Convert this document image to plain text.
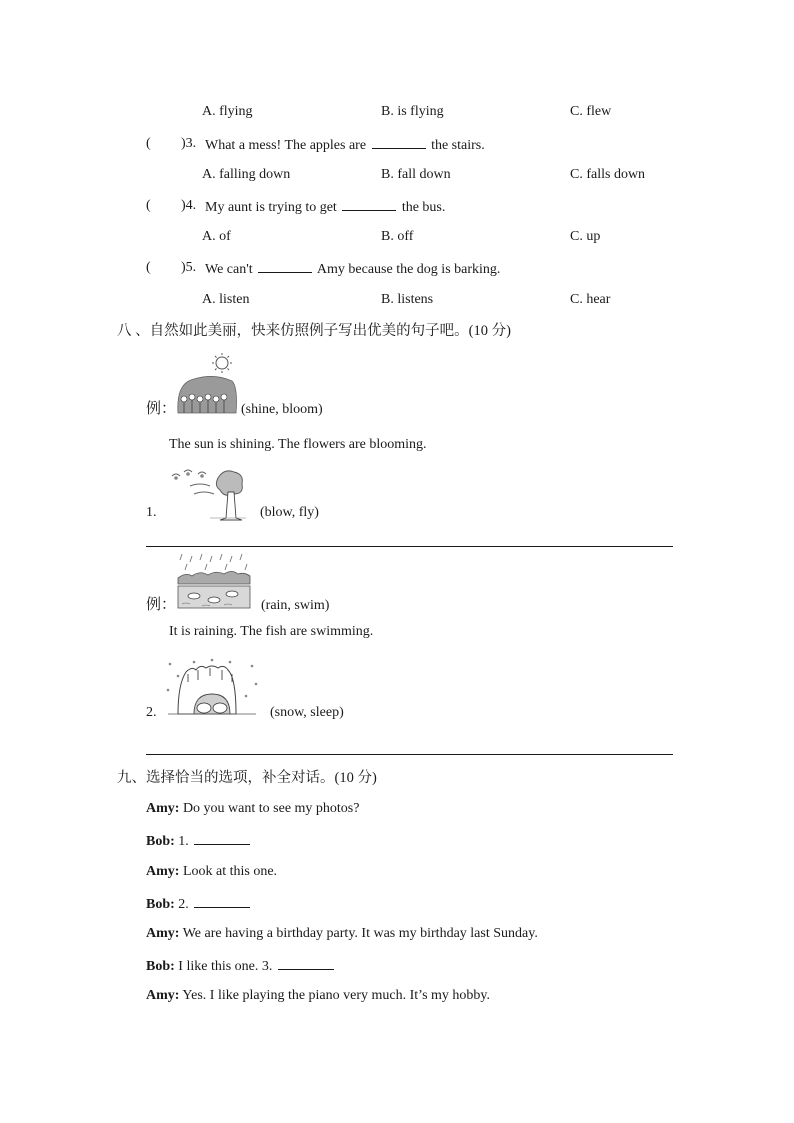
A. flying	B. is flying	C. flew
( )3. What a mess! The apples are	the stairs.
A. falling down	B. fall down	C. falls down
( )4. My aunt is trying to get	the bus.
A. of	B. off	C. up
( )5. We can't	Amy because the dog is barking.
A. listen	B. listens	C. hear
八 、自然如此美丽，快来仿照例子写出优美的句子吧。(10 分)
例：	(shine, bloom)
The sun is shining. The flowers are blooming.
1.	(blow, fly)
例：	(rain, swim)
It is raining. The fish are swimming.
2.	(snow, sleep)
九、选择恰当的选项，补全对话。(10 分)
Amy: Do you want to see my photos?
Bob: 1.
Amy: Look at this one.
Bob: 2.
Amy: We are having a birthday party. It was my birthday last Sunday.
Bob: I like this one. 3.
Amy: Yes. I like playing the piano very much. It’s my hobby.
